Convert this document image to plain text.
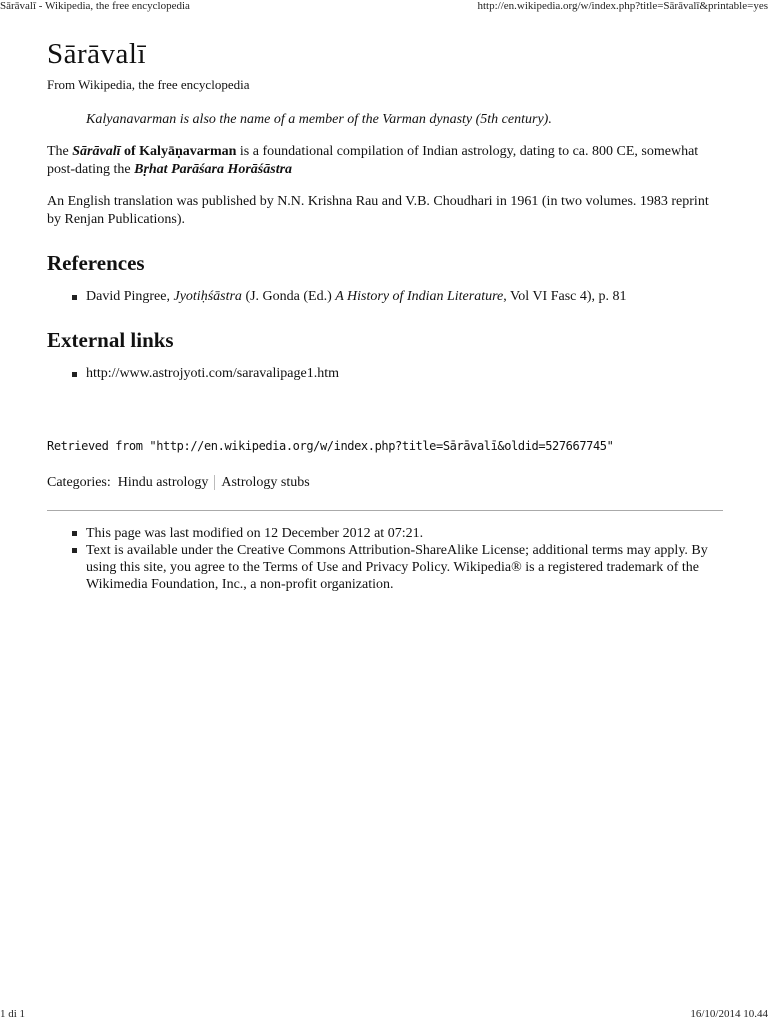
Sārāvalī - Wikipedia, the free encyclopedia	http://en.wikipedia.org/w/index.php?title=Sārāvalī&printable=yes
Sārāvalī
From Wikipedia, the free encyclopedia
Kalyanavarman is also the name of a member of the Varman dynasty (5th century).

The Sārāvalī of Kalyāṇavarman is a foundational compilation of Indian astrology, dating to ca. 800 CE, somewhat post-dating the Bṛhat Parāśara Horāśāstra

An English translation was published by N.N. Krishna Rau and V.B. Choudhari in 1961 (in two volumes. 1983 reprint by Renjan Publications).

References
David Pingree, Jyotiḥśāstra (J. Gonda (Ed.) A History of Indian Literature, Vol VI Fasc 4), p. 81
External links
http://www.astrojyoti.com/saravalipage1.htm
Retrieved from "http://en.wikipedia.org/w/index.php?title=Sārāvalī&oldid=527667745"
Categories: Hindu astrology Astrology stubs
This page was last modified on 12 December 2012 at 07:21.
Text is available under the Creative Commons Attribution-ShareAlike License; additional terms may apply. By using this site, you agree to the Terms of Use and Privacy Policy. Wikipedia® is a registered trademark of the Wikimedia Foundation, Inc., a non-profit organization.
1 di 1	16/10/2014 10.44
